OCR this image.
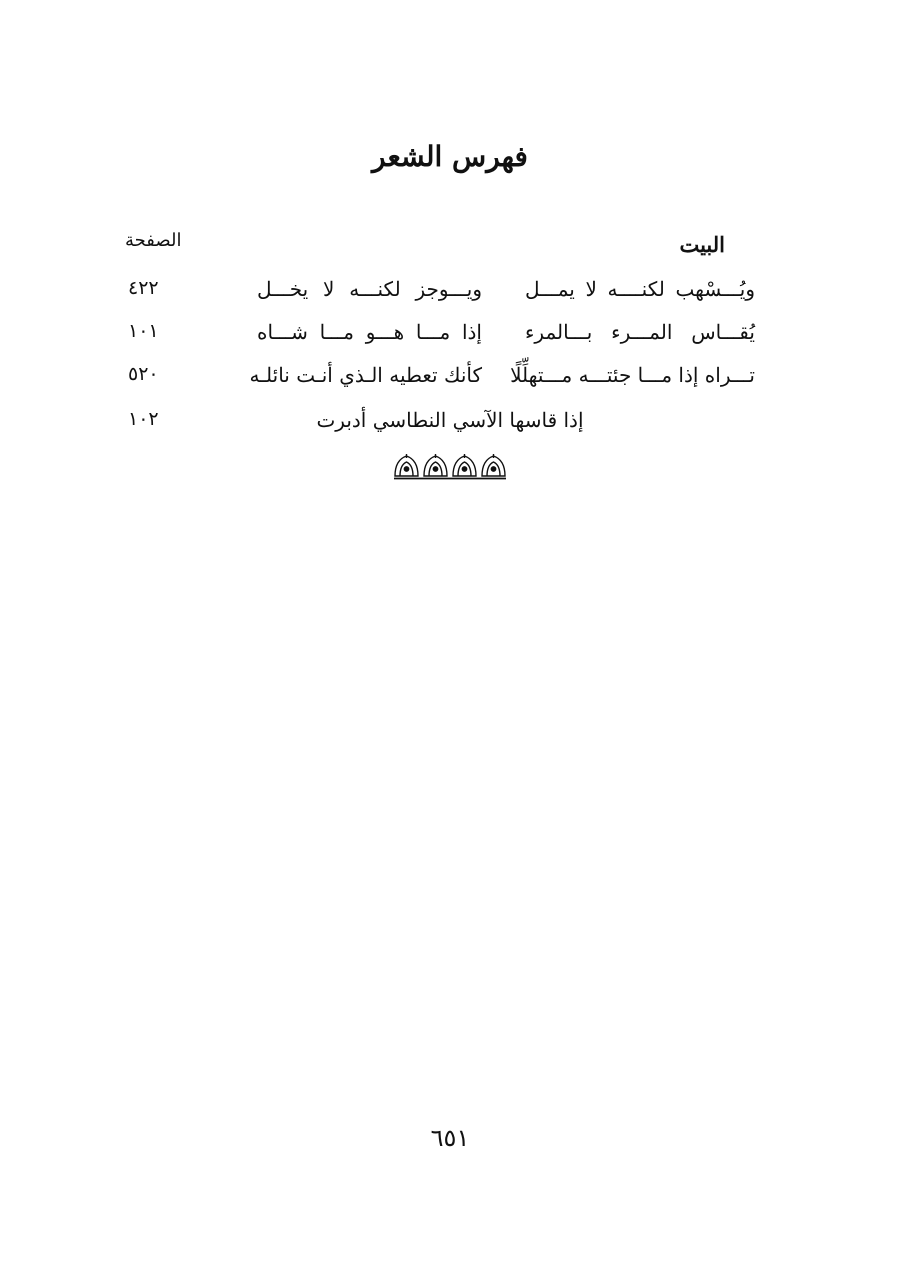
فهرس الشعر
البيت
الصفحة
ويُـــسْهب لكنــــه لا يمـــل
ويـــوجز لكنـــه لا يخـــل
٤٢٢
يُقـــاس المـــرء بـــالمرء
إذا مـــا هـــو مـــا شـــاه
١٠١
تـــراه إذا مـــا جئتـــه مـــتهلِّلًا
كأنك تعطيه الـذي أنـت نائلـه
٥٢٠
إذا قاسها الآسي النطاسي أدبرت
١٠٢
٦٥١
